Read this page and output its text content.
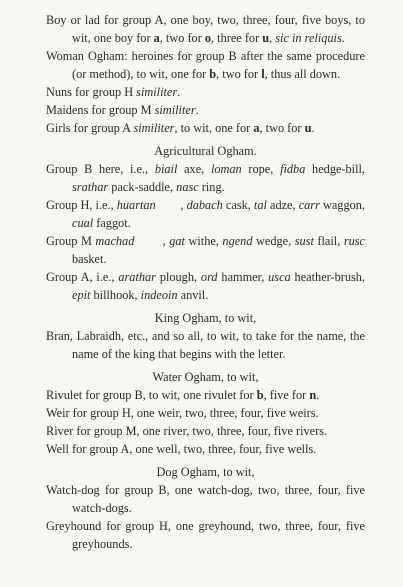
Boy or lad for group A, one boy, two, three, four, five boys, to wit, one boy for a, two for o, three for u, sic in reliquis.

Woman Ogham: heroines for group B after the same procedure (or method), to wit, one for b, two for l, thus all down.

Nuns for group H similiter.

Maidens for group M similiter.

Girls for group A similiter, to wit, one for a, two for u.

Agricultural Ogham.

Group B here, i.e., biail axe, loman rope, fidba hedge-bill, srathar pack-saddle, nasc ring.

Group H, i.e., huartan        , dabach cask, tal adze, carr waggon, cual faggot.

Group M machad        , gat withe, ngend wedge, sust flail, rusc basket.

Group A, i.e., arathar plough, ord hammer, usca heather-brush, epit billhook, indeoin anvil.

King Ogham, to wit,

Bran, Labraidh, etc., and so all, to wit, to take for the name, the name of the king that begins with the letter.

Water Ogham, to wit,

Rivulet for group B, to wit, one rivulet for b, five for n.

Weir for group H, one weir, two, three, four, five weirs.

River for group M, one river, two, three, four, five rivers.

Well for group A, one well, two, three, four, five wells.

Dog Ogham, to wit,

Watch-dog for group B, one watch-dog, two, three, four, five watch-dogs.

Greyhound for group H, one greyhound, two, three, four, five greyhounds.
